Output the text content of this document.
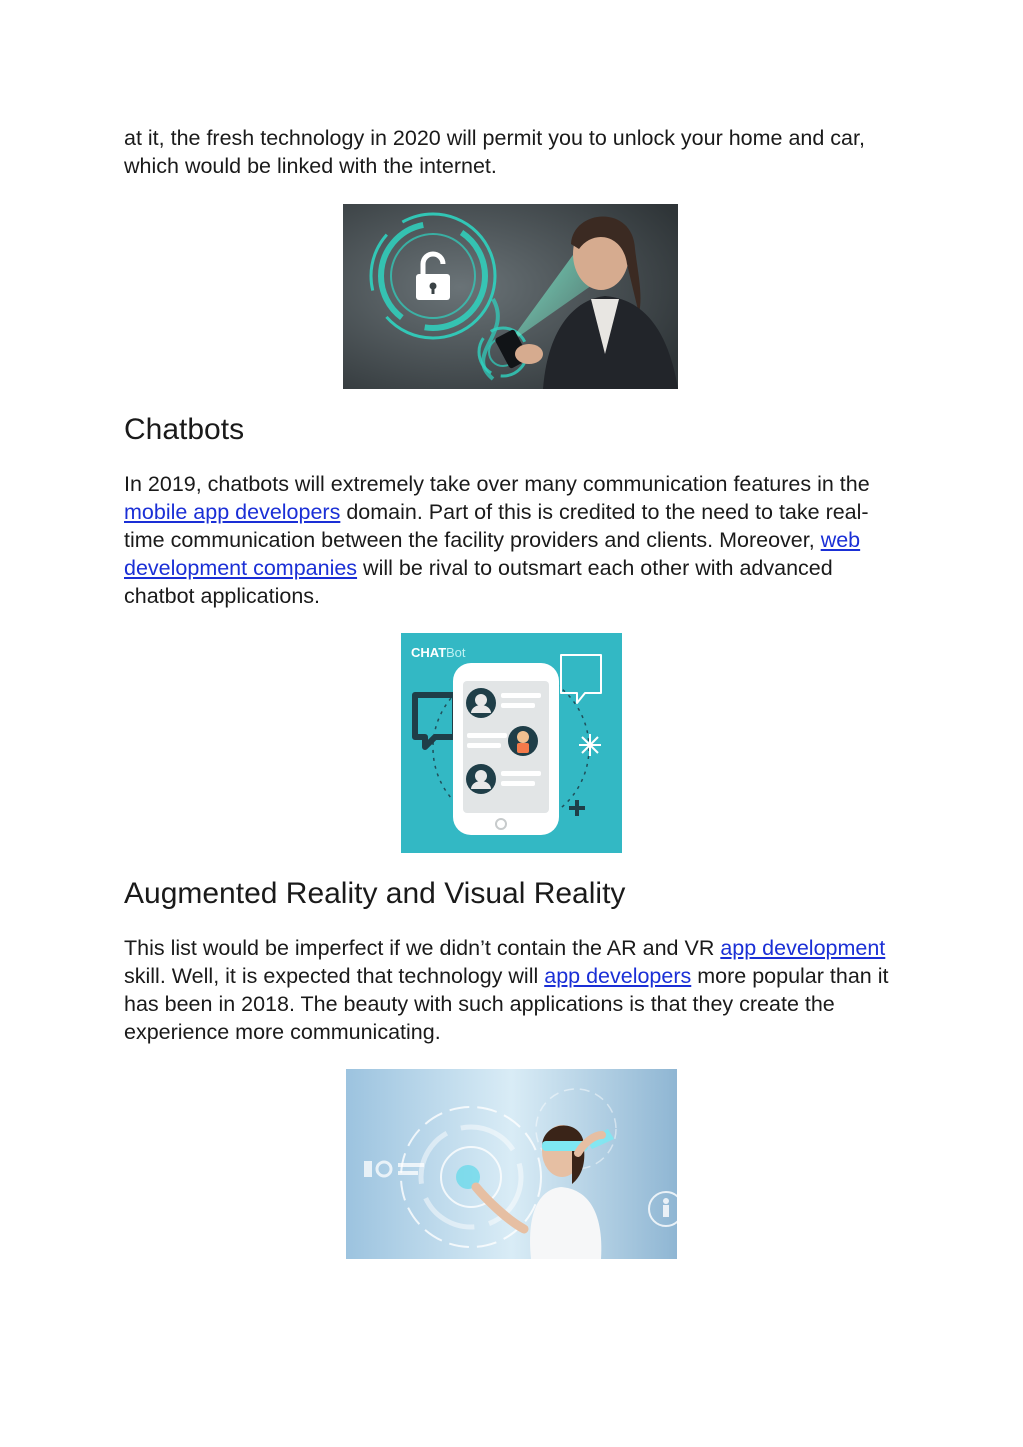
at it, the fresh technology in 2020 will permit you to unlock your home and car, which would be linked with the internet.

Chatbots

In 2019, chatbots will extremely take over many communication features in the mobile app developers domain. Part of this is credited to the need to take real-time communication between the facility providers and clients. Moreover, web development companies will be rival to outsmart each other with advanced chatbot applications.

CHAT Bot
Augmented Reality and Visual Reality

This list would be imperfect if we didn’t contain the AR and VR app development skill. Well, it is expected that technology will app developers more popular than it has been in 2018. The beauty with such applications is that they create the experience more communicating.
